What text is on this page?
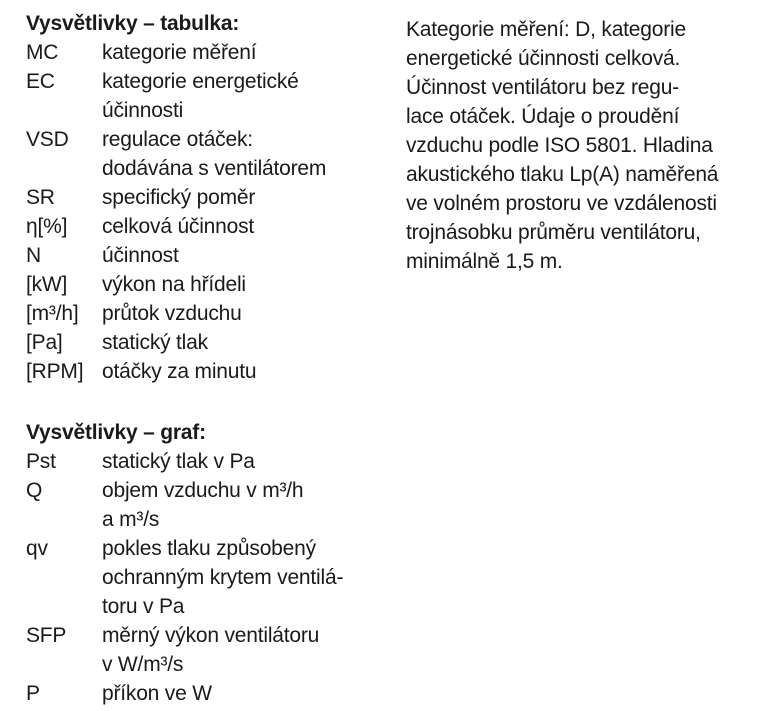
Vysvětlivky – tabulka:

MC	kategorie měření

EC	kategorie energetické
účinnosti

VSD	regulace otáček:
dodávána s ventilátorem

SR	specifický poměr

η[%]	celková účinnost

N	účinnost

[kW]	výkon na hřídeli

[m³/h]	průtok vzduchu

[Pa]	statický tlak

[RPM]	otáčky za minutu

Vysvětlivky – graf:

Pst	statický tlak v Pa

Q	objem vzduchu v m³/h
a m³/s

qv	pokles tlaku způsobený
ochranným krytem ventilá-
toru v Pa

SFP	měrný výkon ventilátoru
v W/m³/s

P	příkon ve W

Kategorie měření: D, kategorie

energetické účinnosti celková.

Účinnost ventilátoru bez regu-

lace otáček. Údaje o proudění

vzduchu podle ISO 5801. Hladina

akustického tlaku Lp(A) naměřená

ve volném prostoru ve vzdálenosti

trojnásobku průměru ventilátoru,

minimálně 1,5 m.
